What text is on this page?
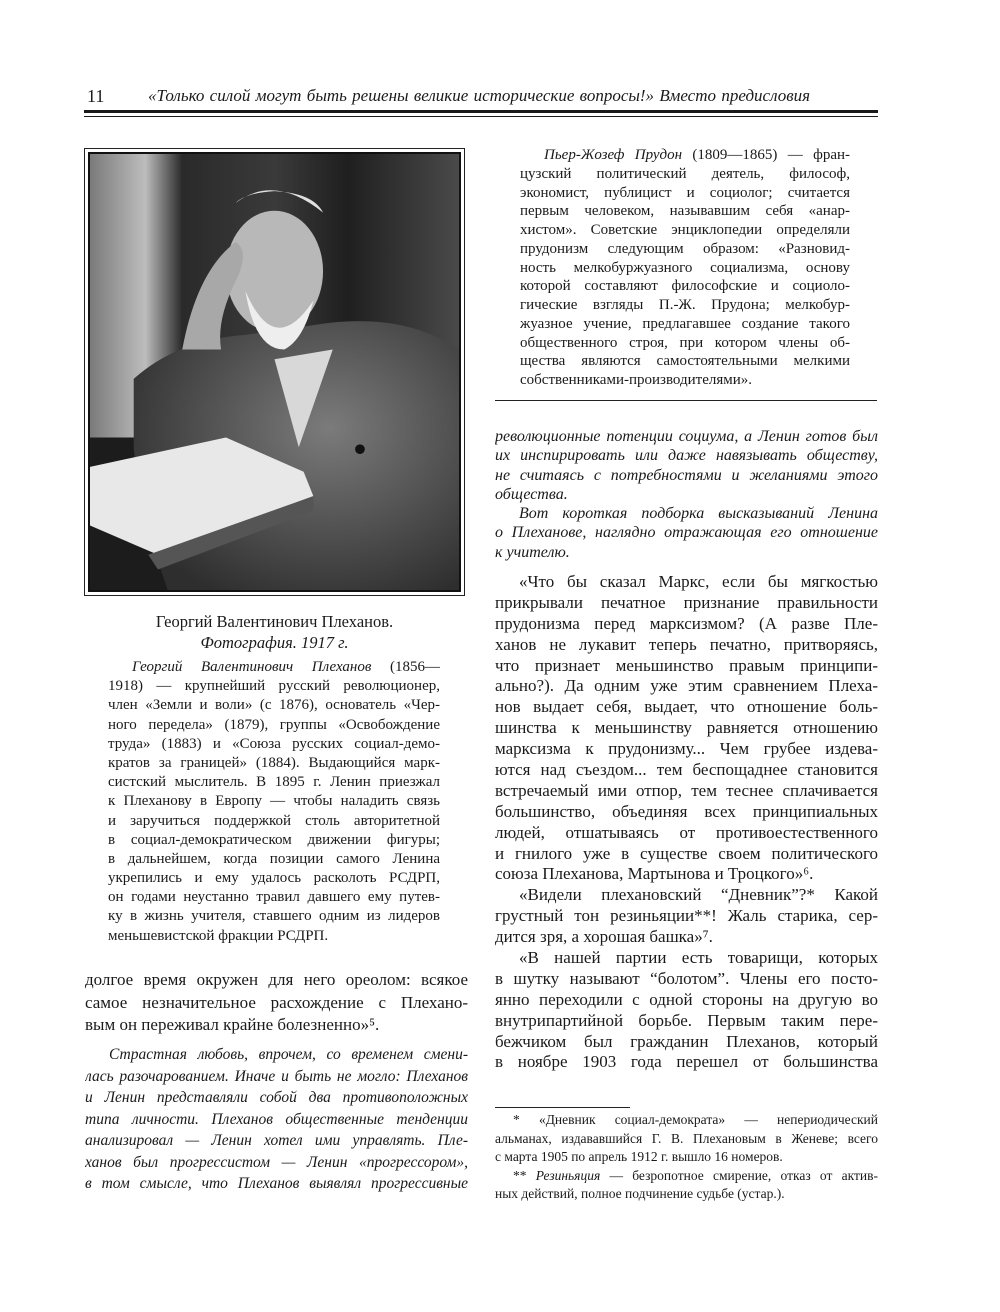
11	«Только силой могут быть решены великие исторические вопросы!» Вместо предисловия
Георгий Валентинович Плеханов.
Фотография. 1917 г.
Георгий Валентинович Плеханов (1856—
1918) — крупнейший русский революционер,
член «Земли и воли» (с 1876), основатель «Чер-
ного передела» (1879), группы «Освобождение
труда» (1883) и «Союза русских социал-демо-
кратов за границей» (1884). Выдающийся марк-
систский мыслитель. В 1895 г. Ленин приезжал
к Плеханову в Европу — чтобы наладить связь
и заручиться поддержкой столь авторитетной
в социал-демократическом движении фигуры;
в дальнейшем, когда позиции самого Ленина
укрепились и ему удалось расколоть РСДРП,
он годами неустанно травил давшего ему путев-
ку в жизнь учителя, ставшего одним из лидеров
меньшевистской фракции РСДРП.
долгое время окружен для него ореолом: всякое
самое незначительное расхождение с Плехано-
вым он переживал крайне болезненно»⁵.
Страстная любовь, впрочем, со временем смени-
лась разочарованием. Иначе и быть не могло: Плеханов
и Ленин представляли собой два противоположных
типа личности. Плеханов общественные тенденции
анализировал — Ленин хотел ими управлять. Пле-
ханов был прогрессистом — Ленин «прогрессором»,
в том смысле, что Плеханов выявлял прогрессивные
Пьер-Жозеф Прудон (1809—1865) — фран-
цузский политический деятель, философ,
экономист, публицист и социолог; считается
первым человеком, называвшим себя «анар-
хистом». Советские энциклопедии определяли
прудонизм следующим образом: «Разновид-
ность мелкобуржуазного социализма, основу
которой составляют философские и социоло-
гические взгляды П.-Ж. Прудона; мелкобур-
жуазное учение, предлагавшее создание такого
общественного строя, при котором члены об-
щества являются самостоятельными мелкими
собственниками-производителями».
революционные потенции социума, а Ленин готов был
их инспирировать или даже навязывать обществу,
не считаясь с потребностями и желаниями этого
общества.
Вот короткая подборка высказываний Ленина
о Плеханове, наглядно отражающая его отношение
к учителю.
«Что бы сказал Маркс, если бы мягкостью
прикрывали печатное признание правильности
прудонизма перед марксизмом? (А разве Пле-
ханов не лукавит теперь печатно, притворяясь,
что признает меньшинство правым принципи-
ально?). Да одним уже этим сравнением Плеха-
нов выдает себя, выдает, что отношение боль-
шинства к меньшинству равняется отношению
марксизма к прудонизму... Чем грубее издева-
ются над съездом... тем беспощаднее становится
встречаемый ими отпор, тем теснее сплачивается
большинство, объединяя всех принципиальных
людей, отшатываясь от противоестественного
и гнилого уже в существе своем политического
союза Плеханова, Мартынова и Троцкого»⁶.
«Видели плехановский “Дневник”?* Какой
грустный тон резиньяции**! Жаль старика, сер-
дится зря, а хорошая башка»⁷.
«В нашей партии есть товарищи, которых
в шутку называют “болотом”. Члены его посто-
янно переходили с одной стороны на другую во
внутрипартийной борьбе. Первым таким пере-
бежчиком был гражданин Плеханов, который
в ноябре 1903 года перешел от большинства
* «Дневник социал-демократа» — непериодический
альманах, издававшийся Г. В. Плехановым в Женеве; всего
с марта 1905 по апрель 1912 г. вышло 16 номеров.
** Резиньяция — безропотное смирение, отказ от актив-
ных действий, полное подчинение судьбе (устар.).
